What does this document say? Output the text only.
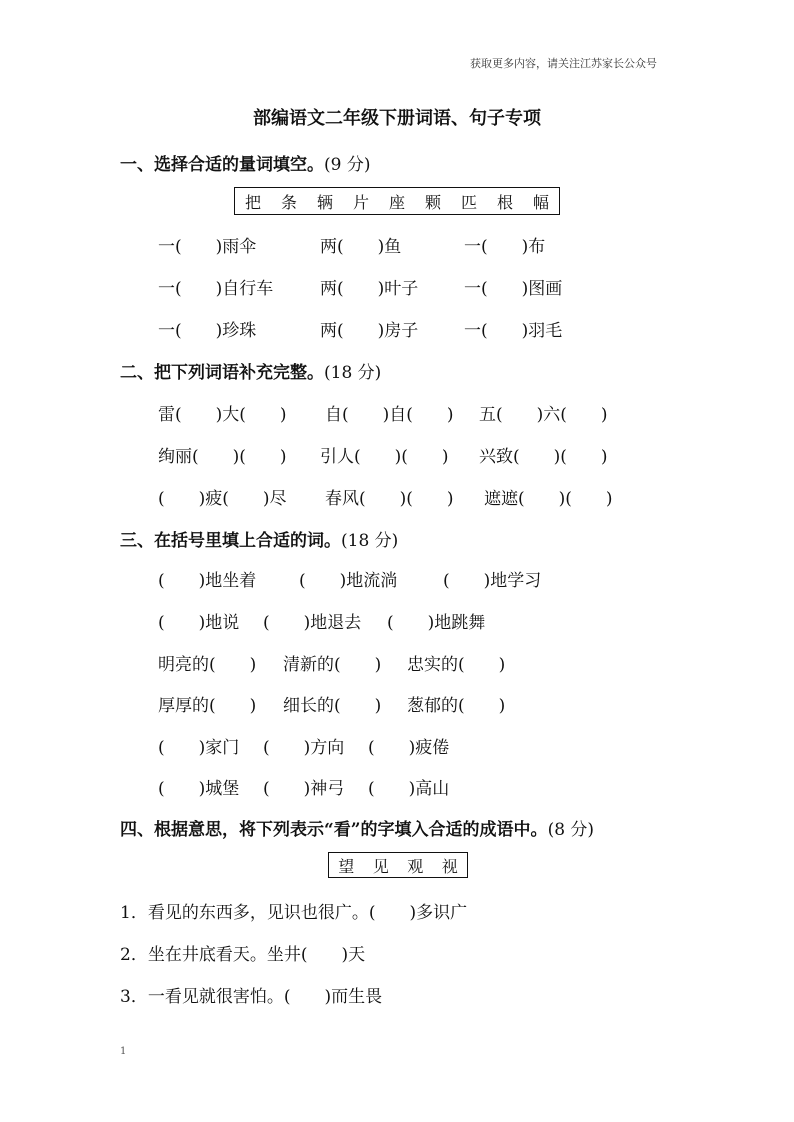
获取更多内容，请关注江苏家长公众号
部编语文二年级下册词语、句子专项
一、选择合适的量词填空。(9 分)
把 条 辆 片 座 颗 匹 根 幅
一(　　)雨伞	两(　　)鱼	一(　　)布
一(　　)自行车	两(　　)叶子	一(　　)图画
一(　　)珍珠	两(　　)房子	一(　　)羽毛
二、把下列词语补充完整。(18 分)
雷(　　)大(　　) 自(　　)自(　　) 五(　　)六(　　)
绚丽(　　)(　　) 引人(　　)(　　) 兴致(　　)(　　)
(　　)疲(　　)尽 春风(　　)(　　) 遮遮(　　)(　　)
三、在括号里填上合适的词。(18 分)
(　　)地坐着	(　　)地流淌	(　　)地学习
(　　)地说 (　　)地退去 (　　)地跳舞
明亮的(　　) 清新的(　　) 忠实的(　　)
厚厚的(　　) 细长的(　　) 葱郁的(　　)
(　　)家门 (　　)方向 (　　)疲倦
(　　)城堡 (　　)神弓 (　　)高山
四、根据意思，将下列表示“看”的字填入合适的成语中。(8 分)
望 见 观 视
1．看见的东西多，见识也很广。(　　)多识广
2．坐在井底看天。坐井(　　)天
3．一看见就很害怕。(　　)而生畏
1
